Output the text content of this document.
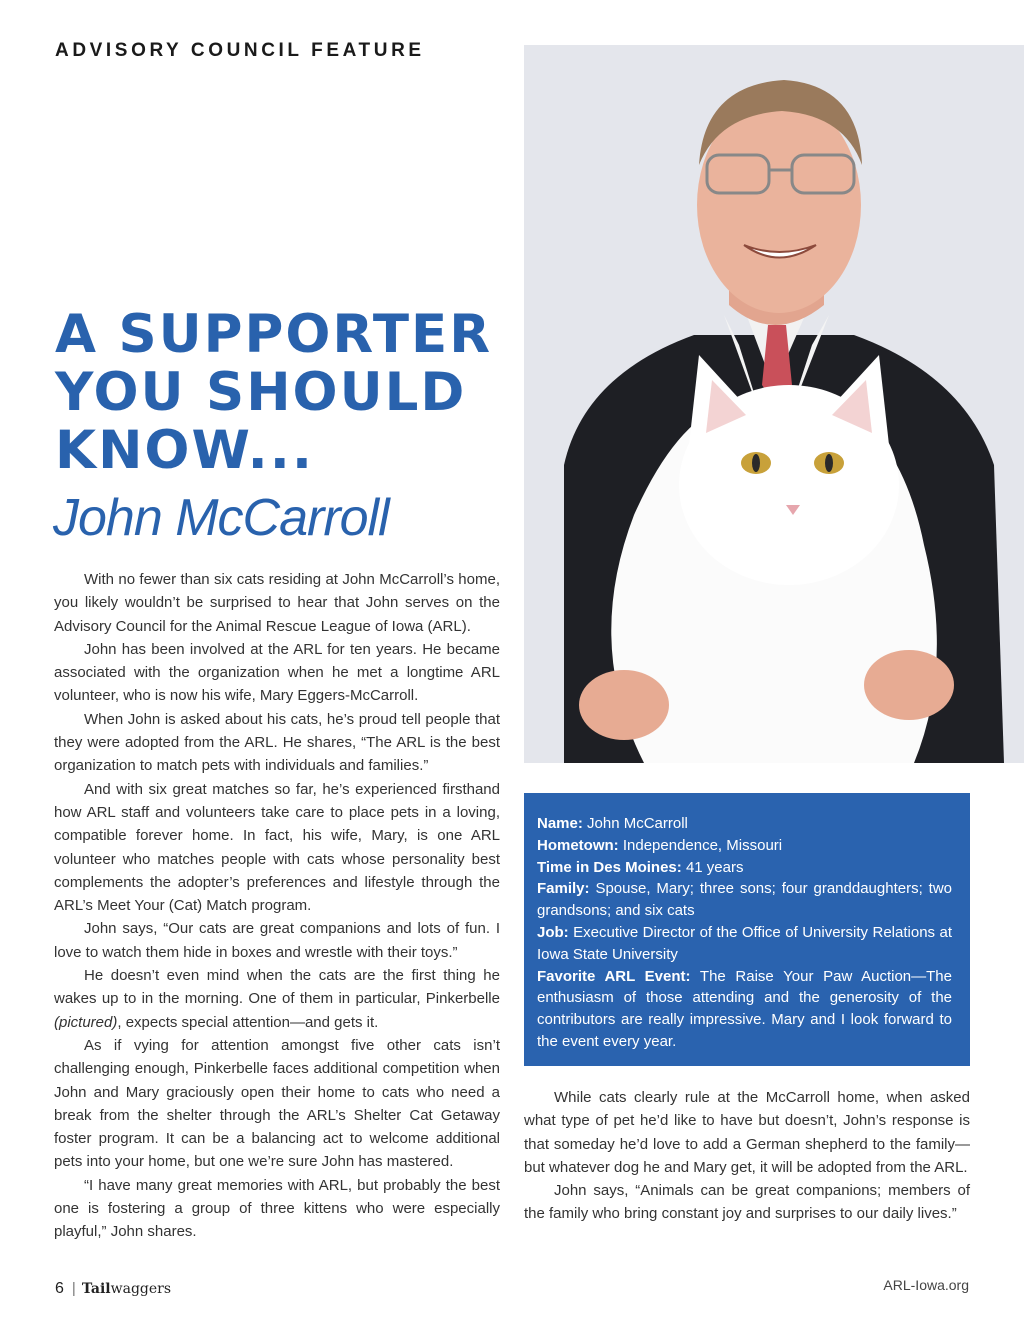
ADVISORY COUNCIL FEATURE
A SUPPORTER
YOU SHOULD
KNOW...
John McCarroll

With no fewer than six cats residing at John McCarroll’s home, you likely wouldn’t be surprised to hear that John serves on the Advisory Council for the Animal Rescue League of Iowa (ARL).

John has been involved at the ARL for ten years. He became associated with the organization when he met a longtime ARL volunteer, who is now his wife, Mary Eggers-McCarroll.

When John is asked about his cats, he’s proud tell people that they were adopted from the ARL. He shares, “The ARL is the best organization to match pets with individuals and families.”

And with six great matches so far, he’s experienced firsthand how ARL staff and volunteers take care to place pets in a loving, compatible forever home. In fact, his wife, Mary, is one ARL volunteer who matches people with cats whose personality best complements the adopter’s preferences and lifestyle through the ARL’s Meet Your (Cat) Match program.

John says, “Our cats are great companions and lots of fun. I love to watch them hide in boxes and wrestle with their toys.”

He doesn’t even mind when the cats are the first thing he wakes up to in the morning. One of them in particular, Pinkerbelle (pictured), expects special attention—and gets it.

As if vying for attention amongst five other cats isn’t challenging enough, Pinkerbelle faces additional competition when John and Mary graciously open their home to cats who need a break from the shelter through the ARL’s Shelter Cat Getaway foster program. It can be a balancing act to welcome additional pets into your home, but one we’re sure John has mastered.

“I have many great memories with ARL, but probably the best one is fostering a group of three kittens who were especially playful,” John shares.

Name: John McCarroll

Hometown: Independence, Missouri

Time in Des Moines: 41 years

Family: Spouse, Mary; three sons; four granddaughters; two grandsons; and six cats

Job: Executive Director of the Office of University Relations at Iowa State University

Favorite ARL Event: The Raise Your Paw Auction—The enthusiasm of those attending and the generosity of the contributors are really impressive. Mary and I look forward to the event every year.

While cats clearly rule at the McCarroll home, when asked what type of pet he’d like to have but doesn’t, John’s response is that someday he’d love to add a German shepherd to the family—but whatever dog he and Mary get, it will be adopted from the ARL.

John says, “Animals can be great companions; members of the family who bring constant joy and surprises to our daily lives.”

6 | Tailwaggers	ARL-Iowa.org
